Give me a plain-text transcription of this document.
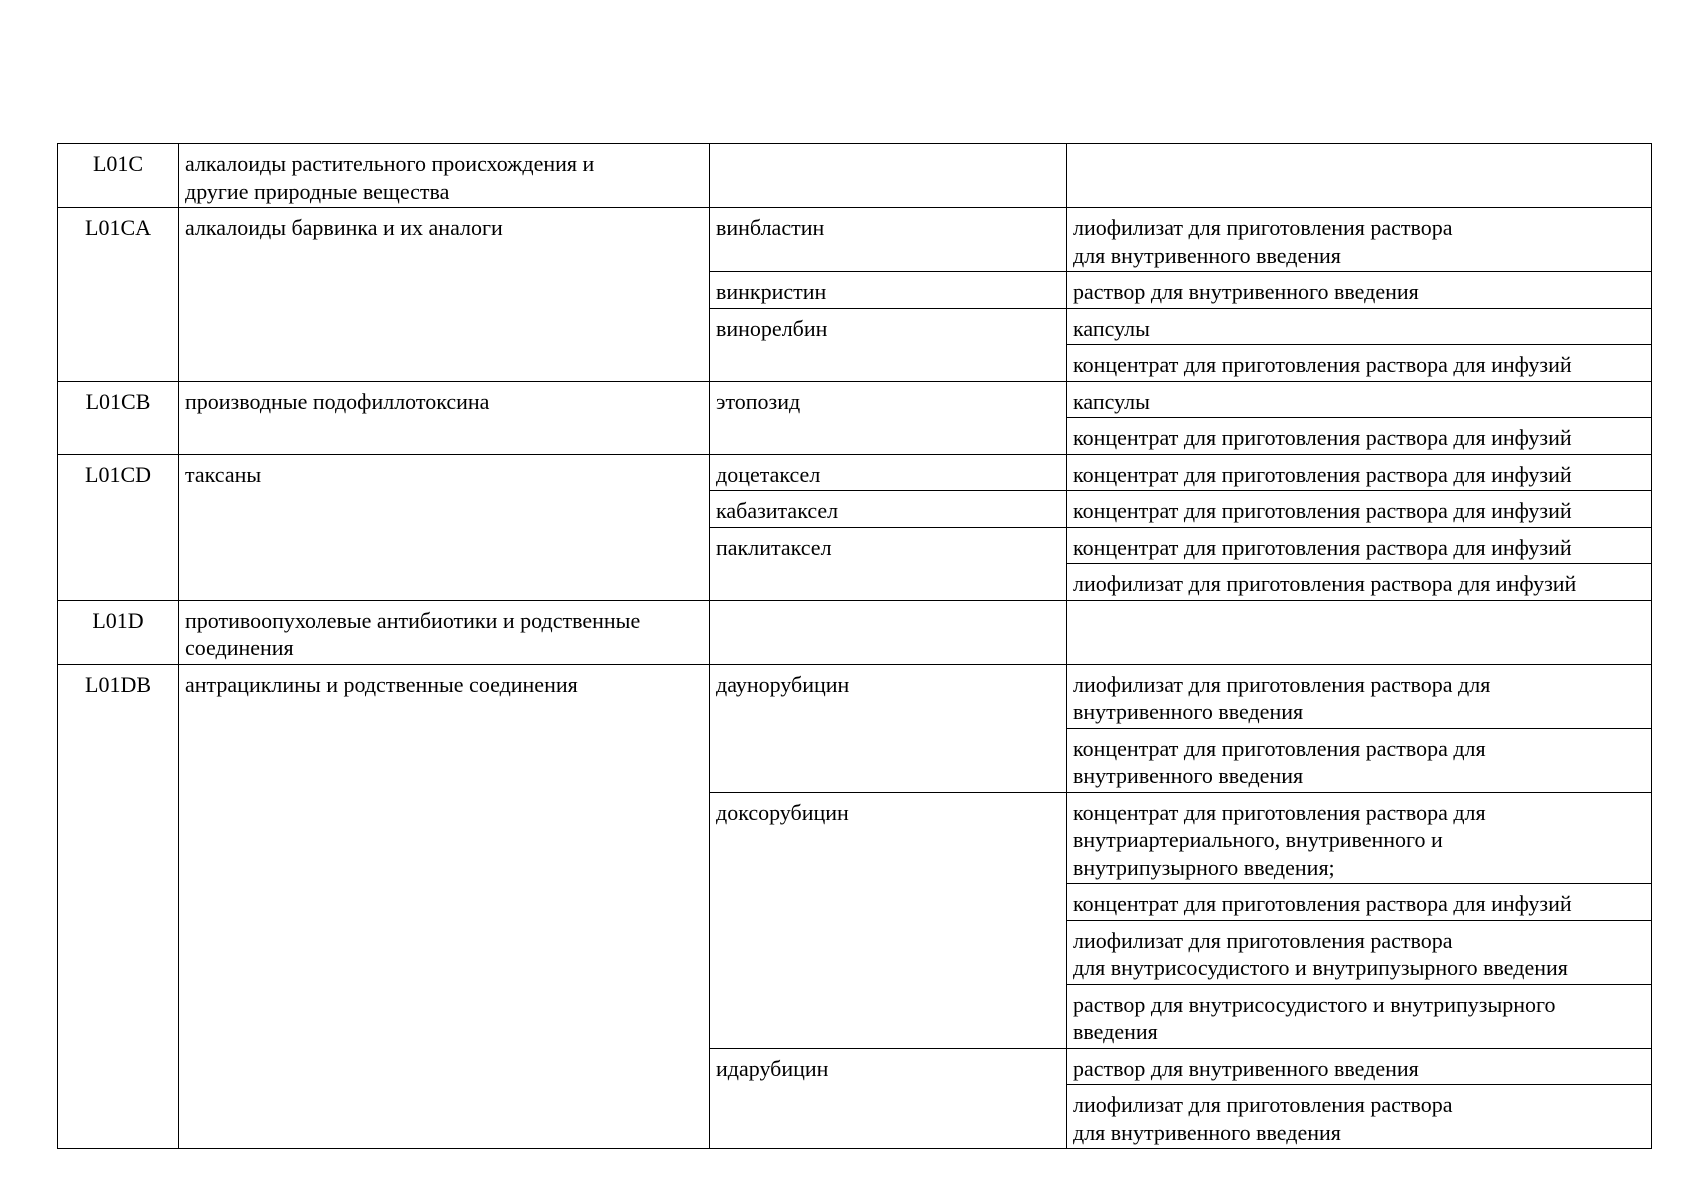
L01C	алкалоиды растительного происхождения и
другие природные вещества		
L01CA	алкалоиды барвинка и их аналоги	винбластин	лиофилизат для приготовления раствора
для внутривенного введения
		винкристин	раствор для внутривенного введения
		винорелбин	капсулы
			концентрат для приготовления раствора для инфузий
L01CB	производные подофиллотоксина	этопозид	капсулы
			концентрат для приготовления раствора для инфузий
L01CD	таксаны	доцетаксел	концентрат для приготовления раствора для инфузий
		кабазитаксел	концентрат для приготовления раствора для инфузий
		паклитаксел	концентрат для приготовления раствора для инфузий
			лиофилизат для приготовления раствора для инфузий
L01D	противоопухолевые антибиотики и родственные
соединения		
L01DB	антрациклины и родственные соединения	даунорубицин	лиофилизат для приготовления раствора для
внутривенного введения
			концентрат для приготовления раствора для
внутривенного введения
		доксорубицин	концентрат для приготовления раствора для
внутриартериального, внутривенного и
внутрипузырного введения;
			концентрат для приготовления раствора для инфузий
			лиофилизат для приготовления раствора
для внутрисосудистого и внутрипузырного введения
			раствор для внутрисосудистого и внутрипузырного
введения
		идарубицин	раствор для внутривенного введения
			лиофилизат для приготовления раствора
для внутривенного введения
